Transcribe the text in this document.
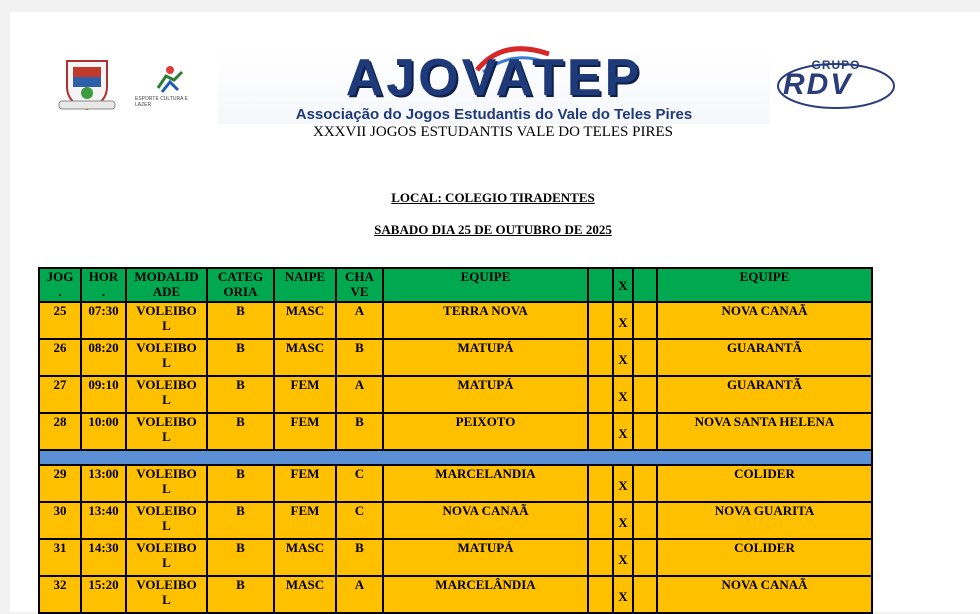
ESPORTE CULTURA E LAZER	AJOVATEP
Associação do Jogos Estudantis do Vale do Teles Pires
GRUPO
RDV
XXXVII JOGOS ESTUDANTIS VALE DO TELES PIRES
LOCAL: COLEGIO TIRADENTES
SABADO DIA 25 DE OUTUBRO DE 2025
JOG
.	HOR
.	MODALID
ADE	CATEG
ORIA	NAIPE	CHA
VE	EQUIPE		X		EQUIPE
25	07:30	VOLEIBO
L	B	MASC	A	TERRA NOVA		X		NOVA CANAÃ
26	08:20	VOLEIBO
L	B	MASC	B	MATUPÁ		X		GUARANTÃ
27	09:10	VOLEIBO
L	B	FEM	A	MATUPÁ		X		GUARANTÃ
28	10:00	VOLEIBO
L	B	FEM	B	PEIXOTO		X		NOVA SANTA HELENA

29	13:00	VOLEIBO
L	B	FEM	C	MARCELANDIA		X		COLIDER
30	13:40	VOLEIBO
L	B	FEM	C	NOVA CANAÃ		X		NOVA GUARITA
31	14:30	VOLEIBO
L	B	MASC	B	MATUPÁ		X		COLIDER
32	15:20	VOLEIBO
L	B	MASC	A	MARCELÂNDIA		X		NOVA CANAÃ
